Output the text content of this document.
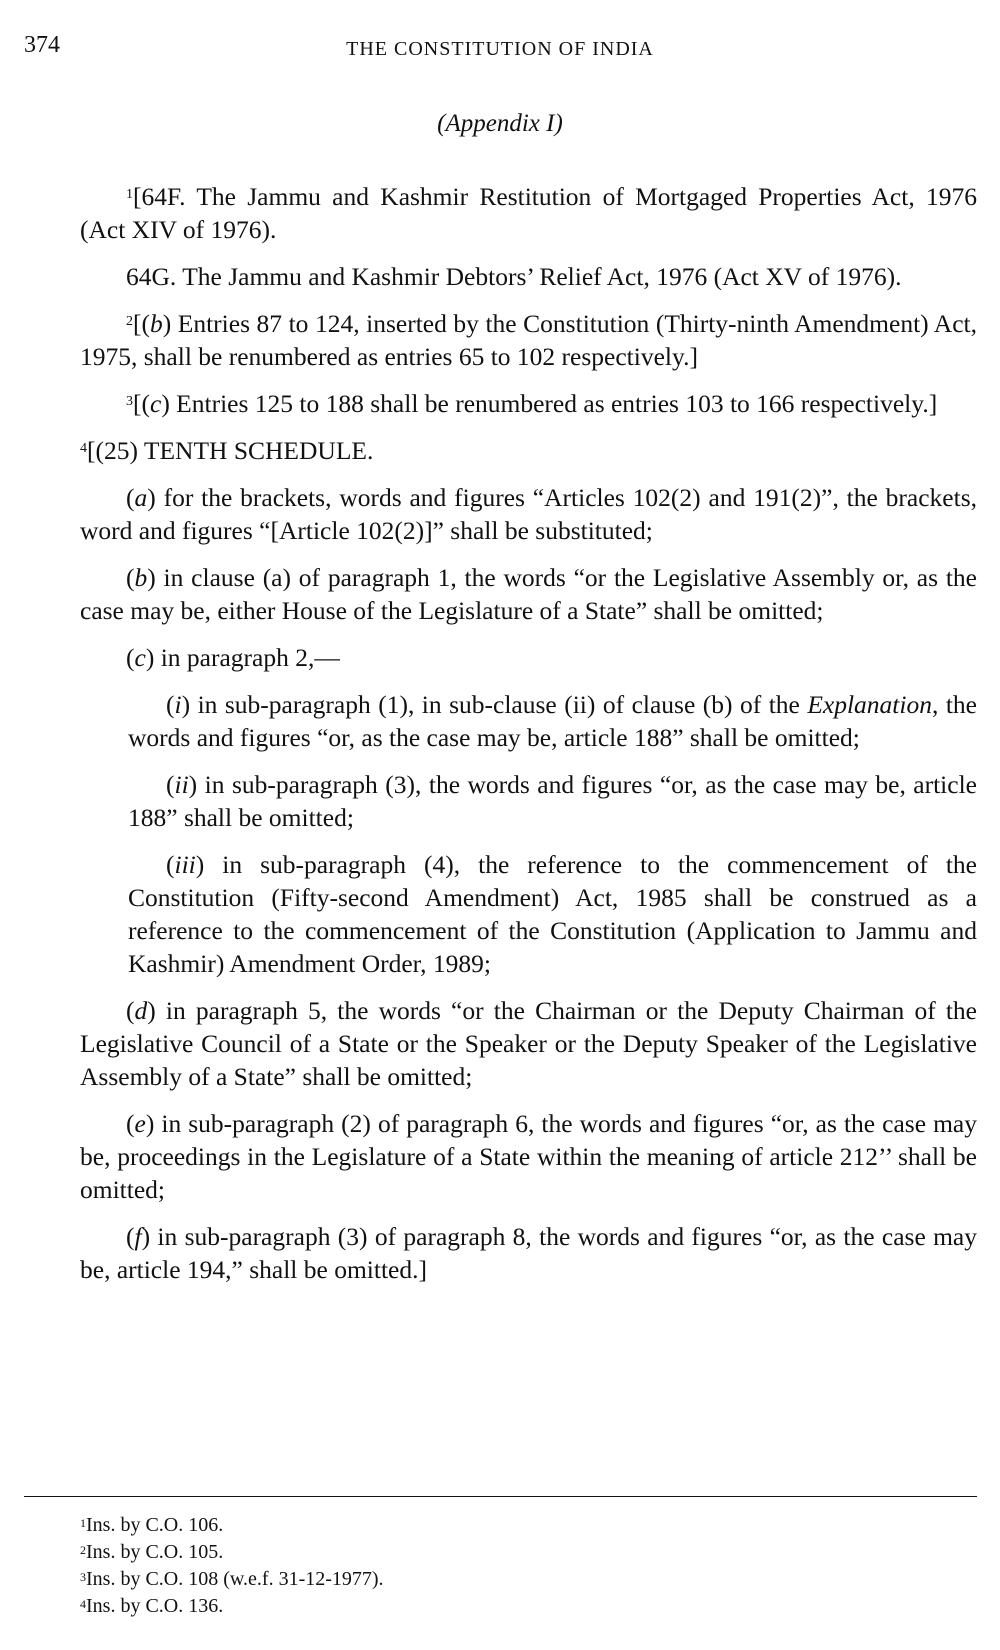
374	THE CONSTITUTION OF INDIA
(Appendix I)

$^1$[64F. The Jammu and Kashmir Restitution of Mortgaged Properties Act, 1976 (Act XIV of 1976).

64G. The Jammu and Kashmir Debtors’ Relief Act, 1976 (Act XV of 1976).

$^2$[(b) Entries 87 to 124, inserted by the Constitution (Thirty-ninth Amendment) Act, 1975, shall be renumbered as entries 65 to 102 respectively.]

$^3$[(c) Entries 125 to 188 shall be renumbered as entries 103 to 166 respectively.]

$^4$[(25) TENTH SCHEDULE.

(a) for the brackets, words and figures “Articles 102(2) and 191(2)”, the brackets, word and figures “[Article 102(2)]” shall be substituted;

(b) in clause (a) of paragraph 1, the words “or the Legislative Assembly or, as the case may be, either House of the Legislature of a State” shall be omitted;

(c) in paragraph 2,—

(i) in sub-paragraph (1), in sub-clause (ii) of clause (b) of the Explanation, the words and figures “or, as the case may be, article 188” shall be omitted;

(ii) in sub-paragraph (3), the words and figures “or, as the case may be, article 188” shall be omitted;

(iii) in sub-paragraph (4), the reference to the commencement of the Constitution (Fifty-second Amendment) Act, 1985 shall be construed as a reference to the commencement of the Constitution (Application to Jammu and Kashmir) Amendment Order, 1989;

(d) in paragraph 5, the words “or the Chairman or the Deputy Chairman of the Legislative Council of a State or the Speaker or the Deputy Speaker of the Legislative Assembly of a State” shall be omitted;

(e) in sub-paragraph (2) of paragraph 6, the words and figures “or, as the case may be, proceedings in the Legislature of a State within the meaning of article 212’’ shall be omitted;

(f) in sub-paragraph (3) of paragraph 8, the words and figures “or, as the case may be, article 194,” shall be omitted.]

$^1$Ins. by C.O. 106.
$^2$Ins. by C.O. 105.
$^3$Ins. by C.O. 108 (w.e.f. 31-12-1977).
$^4$Ins. by C.O. 136.
